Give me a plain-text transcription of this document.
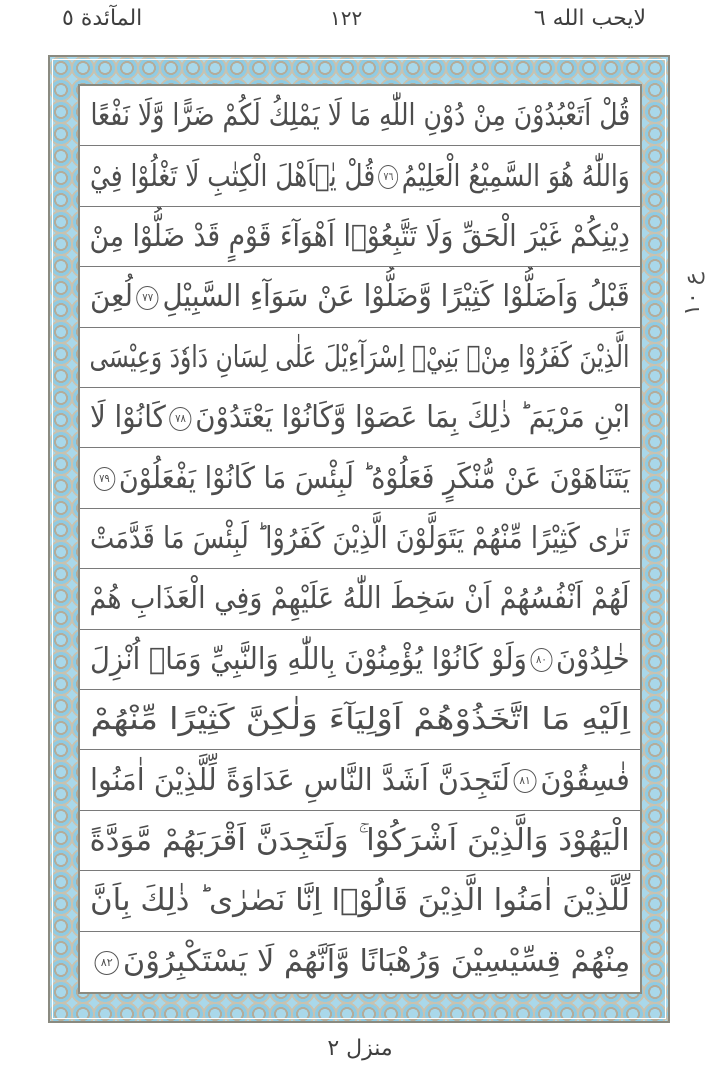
المآئدة ٥	١٢٢	لايحب الله ٦
قُلْ اَتَعْبُدُوْنَ مِنْ دُوْنِ اللّٰهِ مَا لَا يَمْلِكُ لَكُمْ ضَرًّا وَّلَا نَفْعًا
وَاللّٰهُ هُوَ السَّمِيْعُ الْعَلِيْمُ٧٦قُلْ يٰۤاَهْلَ الْكِتٰبِ لَا تَغْلُوْا فِيْ
دِيْنِكُمْ غَيْرَ الْحَقِّ وَلَا تَتَّبِعُوْۤا اَهْوَآءَ قَوْمٍ قَدْ ضَلُّوْا مِنْ
قَبْلُ وَاَضَلُّوْا كَثِيْرًا وَّضَلُّوْا عَنْ سَوَآءِ السَّبِيْلِ٧٧لُعِنَ
الَّذِيْنَ كَفَرُوْا مِنْۢ بَنِيْۤ اِسْرَآءِيْلَ عَلٰى لِسَانِ دَاوٗدَ وَعِيْسَى
ابْنِ مَرْيَمَ ؕ ذٰلِكَ بِمَا عَصَوْا وَّكَانُوْا يَعْتَدُوْنَ٧٨كَانُوْا لَا
يَتَنَاهَوْنَ عَنْ مُّنْكَرٍ فَعَلُوْهُ ؕ لَبِئْسَ مَا كَانُوْا يَفْعَلُوْنَ٧٩
تَرٰى كَثِيْرًا مِّنْهُمْ يَتَوَلَّوْنَ الَّذِيْنَ كَفَرُوْا ؕ لَبِئْسَ مَا قَدَّمَتْ
لَهُمْ اَنْفُسُهُمْ اَنْ سَخِطَ اللّٰهُ عَلَيْهِمْ وَفِي الْعَذَابِ هُمْ
خٰلِدُوْنَ٨٠وَلَوْ كَانُوْا يُؤْمِنُوْنَ بِاللّٰهِ وَالنَّبِيِّ وَمَاۤ اُنْزِلَ
اِلَيْهِ مَا اتَّخَذُوْهُمْ اَوْلِيَآءَ وَلٰكِنَّ كَثِيْرًا مِّنْهُمْ
فٰسِقُوْنَ٨١لَتَجِدَنَّ اَشَدَّ النَّاسِ عَدَاوَةً لِّلَّذِيْنَ اٰمَنُوا
الْيَهُوْدَ وَالَّذِيْنَ اَشْرَكُوْا ۚ وَلَتَجِدَنَّ اَقْرَبَهُمْ مَّوَدَّةً
لِّلَّذِيْنَ اٰمَنُوا الَّذِيْنَ قَالُوْۤا اِنَّا نَصٰرٰى ؕ ذٰلِكَ بِاَنَّ
مِنْهُمْ قِسِّيْسِيْنَ وَرُهْبَانًا وَّاَنَّهُمْ لَا يَسْتَكْبِرُوْنَ٨٢
ع ١٠
منزل ٢
